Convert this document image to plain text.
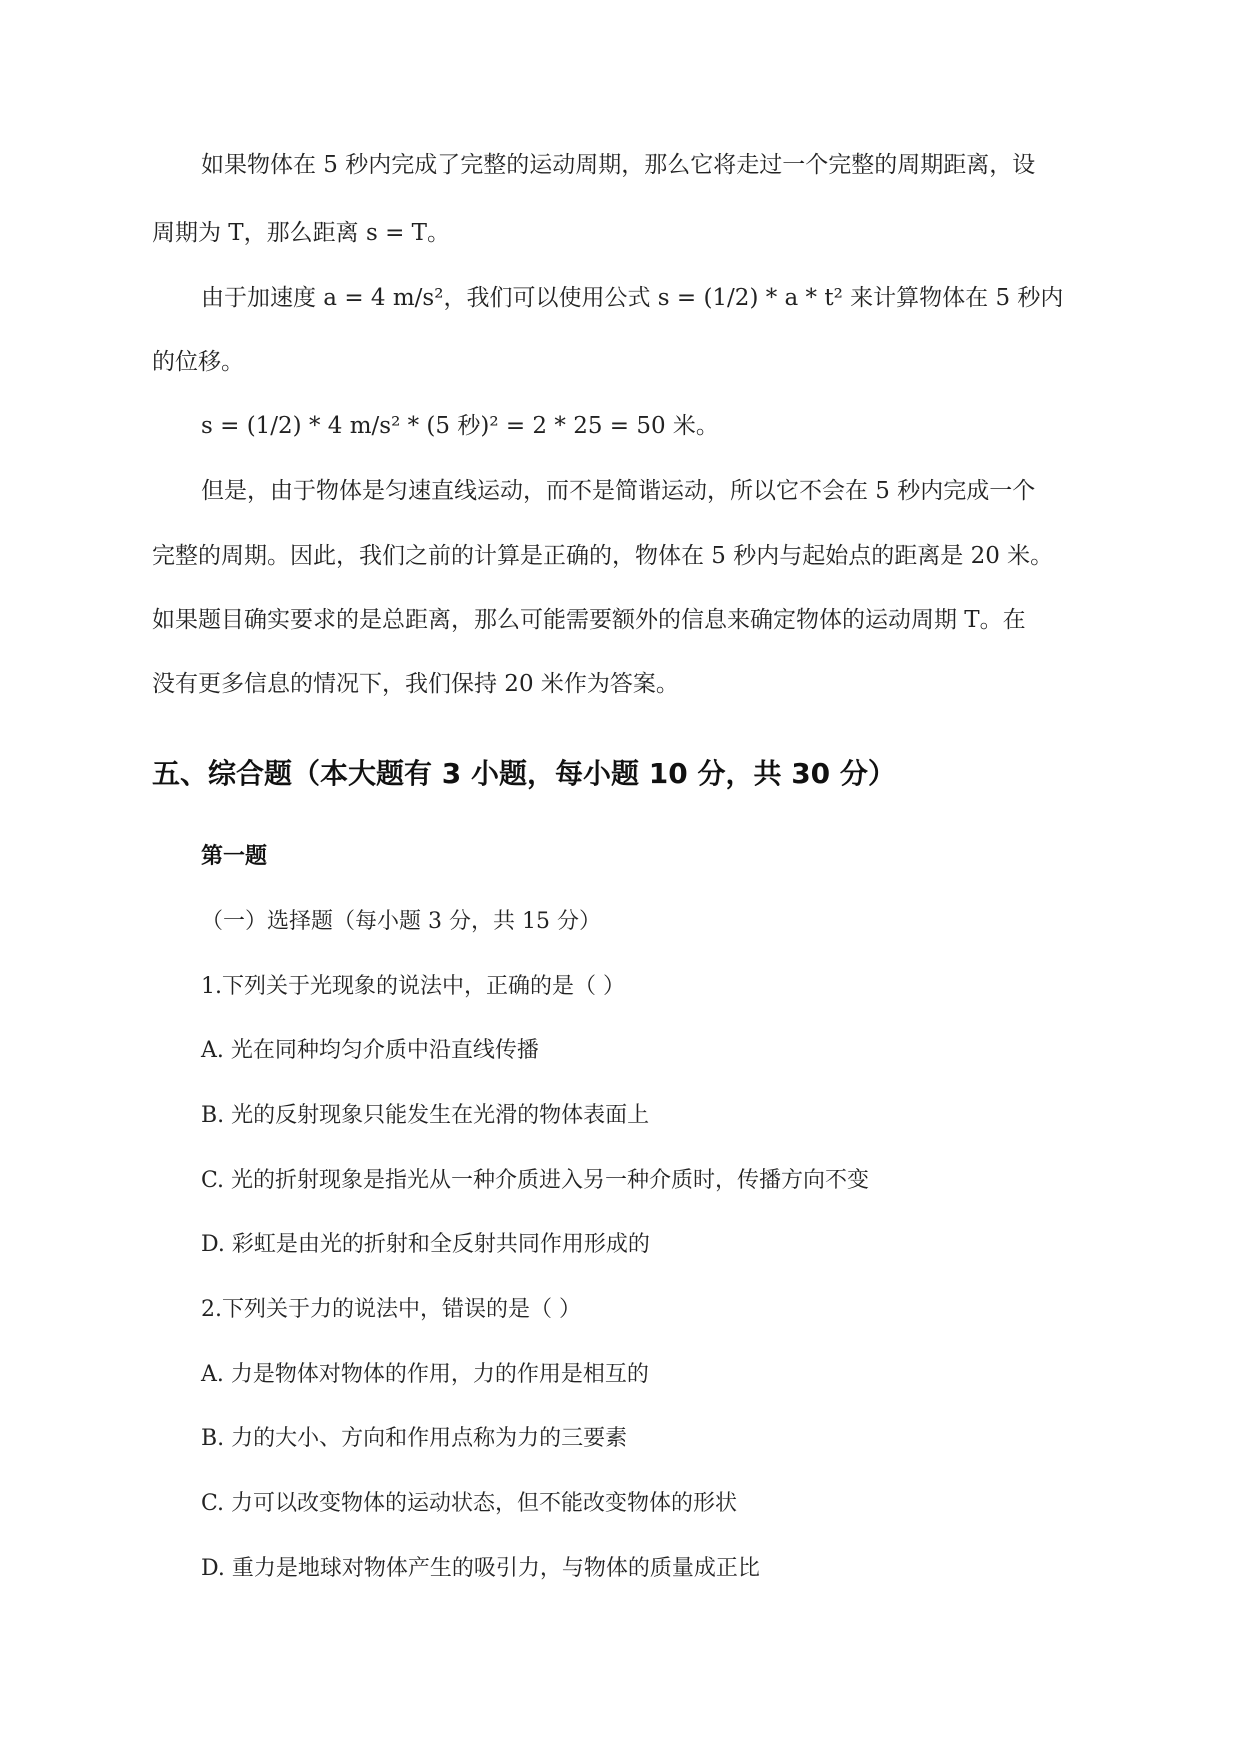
如果物体在 5 秒内完成了完整的运动周期，那么它将走过一个完整的周期距离，设
周期为 T，那么距离 s = T。
由于加速度 a = 4 m/s²，我们可以使用公式 s = (1/2) * a * t² 来计算物体在 5 秒内
的位移。
s = (1/2) * 4 m/s² * (5 秒)² = 2 * 25 = 50 米。
但是，由于物体是匀速直线运动，而不是简谐运动，所以它不会在 5 秒内完成一个
完整的周期。因此，我们之前的计算是正确的，物体在 5 秒内与起始点的距离是 20 米。
如果题目确实要求的是总距离，那么可能需要额外的信息来确定物体的运动周期 T。在
没有更多信息的情况下，我们保持 20 米作为答案。
五、综合题（本大题有 3 小题，每小题 10 分，共 30 分）
第一题
（一）选择题（每小题 3 分，共 15 分）
1.下列关于光现象的说法中，正确的是（ ）
A. 光在同种均匀介质中沿直线传播
B. 光的反射现象只能发生在光滑的物体表面上
C. 光的折射现象是指光从一种介质进入另一种介质时，传播方向不变
D. 彩虹是由光的折射和全反射共同作用形成的
2.下列关于力的说法中，错误的是（ ）
A. 力是物体对物体的作用，力的作用是相互的
B. 力的大小、方向和作用点称为力的三要素
C. 力可以改变物体的运动状态，但不能改变物体的形状
D. 重力是地球对物体产生的吸引力，与物体的质量成正比
